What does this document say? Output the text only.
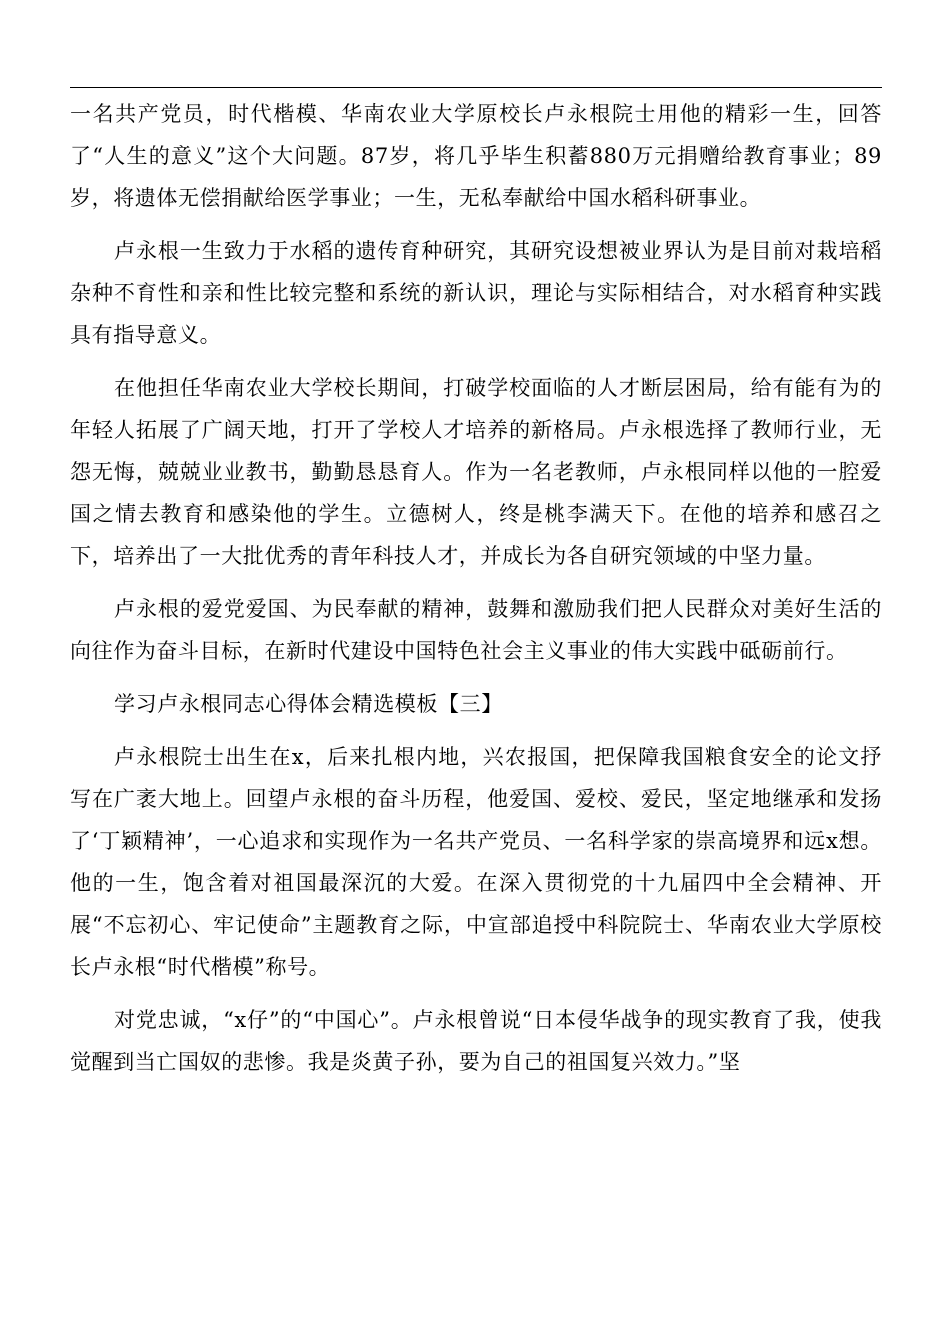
一名共产党员，时代楷模、华南农业大学原校长卢永根院士用他的精彩一生，回答了“人生的意义”这个大问题。87岁，将几乎毕生积蓄880万元捐赠给教育事业；89岁，将遗体无偿捐献给医学事业；一生，无私奉献给中国水稻科研事业。

卢永根一生致力于水稻的遗传育种研究，其研究设想被业界认为是目前对栽培稻杂种不育性和亲和性比较完整和系统的新认识，理论与实际相结合，对水稻育种实践具有指导意义。

在他担任华南农业大学校长期间，打破学校面临的人才断层困局，给有能有为的年轻人拓展了广阔天地，打开了学校人才培养的新格局。卢永根选择了教师行业，无怨无悔，兢兢业业教书，勤勤恳恳育人。作为一名老教师，卢永根同样以他的一腔爱国之情去教育和感染他的学生。立德树人，终是桃李满天下。在他的培养和感召之下，培养出了一大批优秀的青年科技人才，并成长为各自研究领域的中坚力量。

卢永根的爱党爱国、为民奉献的精神，鼓舞和激励我们把人民群众对美好生活的向往作为奋斗目标，在新时代建设中国特色社会主义事业的伟大实践中砥砺前行。

学习卢永根同志心得体会精选模板【三】

卢永根院士出生在x，后来扎根内地，兴农报国，把保障我国粮食安全的论文抒写在广袤大地上。回望卢永根的奋斗历程，他爱国、爱校、爱民，坚定地继承和发扬了‘丁颖精神’，一心追求和实现作为一名共产党员、一名科学家的崇高境界和远x想。他的一生，饱含着对祖国最深沉的大爱。在深入贯彻党的十九届四中全会精神、开展“不忘初心、牢记使命”主题教育之际，中宣部追授中科院院士、华南农业大学原校长卢永根“时代楷模”称号。

对党忠诚，“x仔”的“中国心”。卢永根曾说“日本侵华战争的现实教育了我，使我觉醒到当亡国奴的悲惨。我是炎黄子孙，要为自己的祖国复兴效力。”坚
